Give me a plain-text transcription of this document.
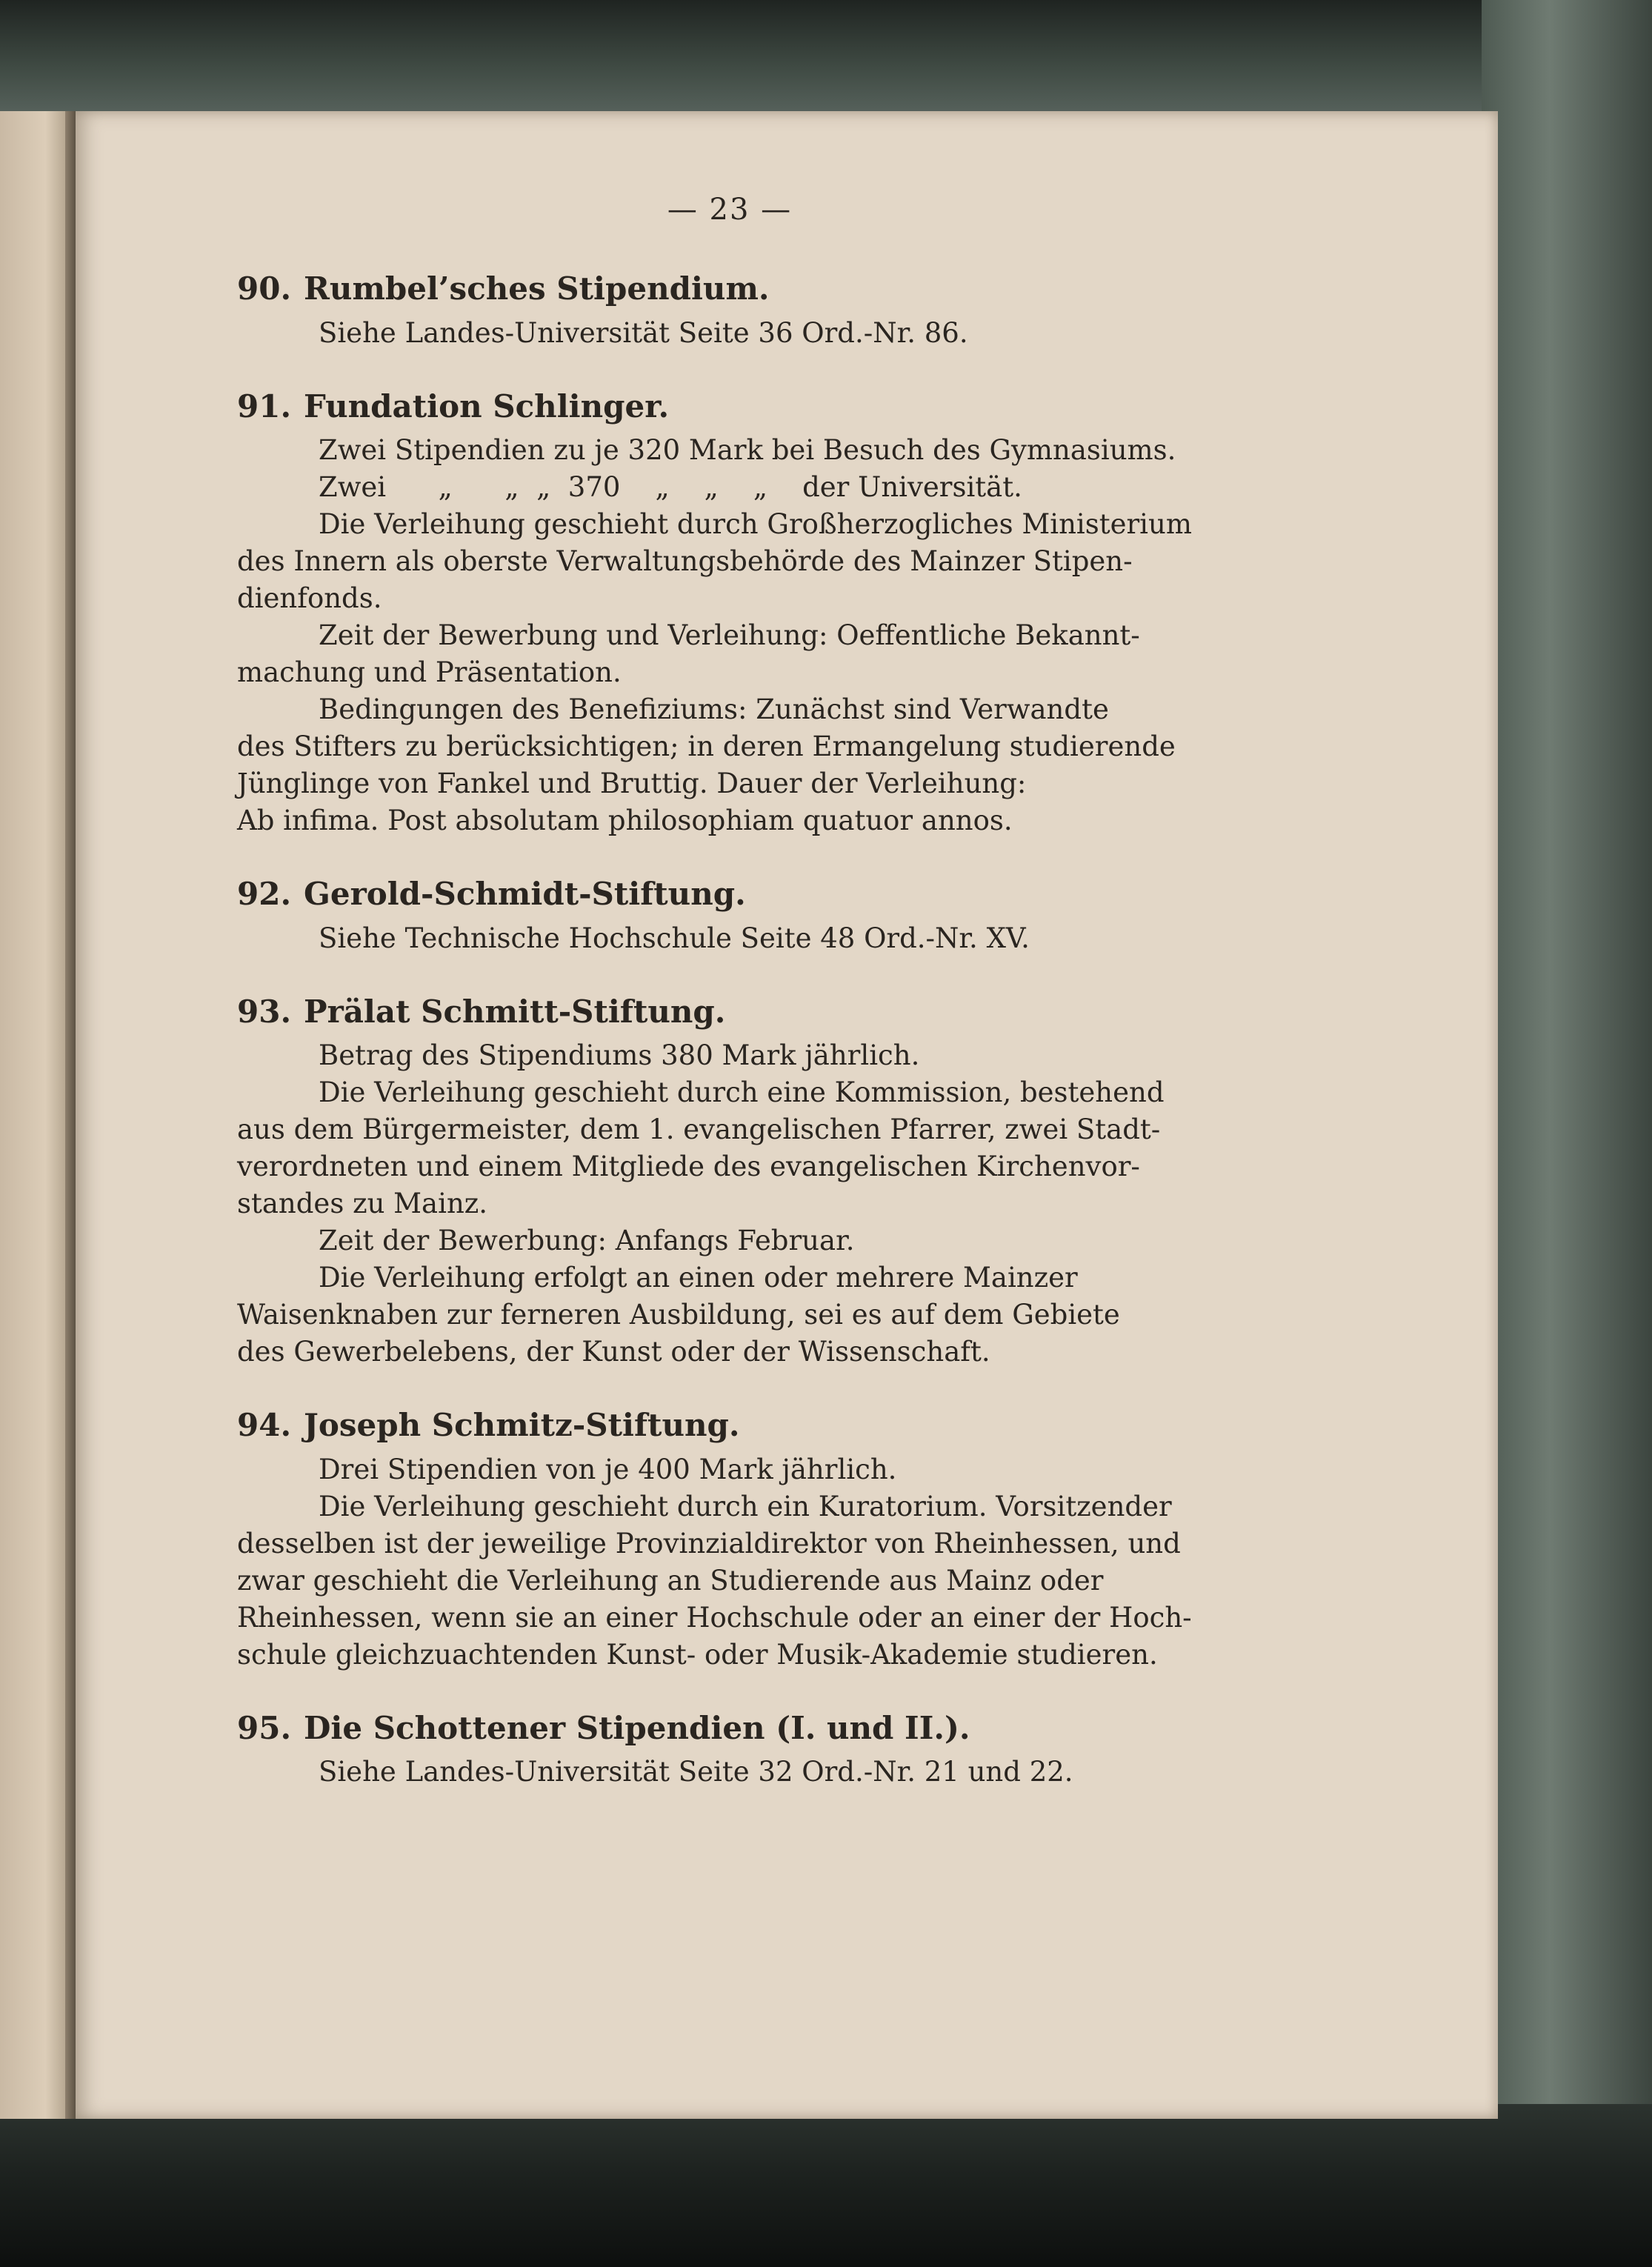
— 23 —

90. Rumbel’sches Stipendium.

Siehe Landes-Universität Seite 36 Ord.-Nr. 86.

91. Fundation Schlinger.

Zwei Stipendien zu je 320 Mark bei Besuch des Gymnasiums.

Zwei      „      „  „  370    „    „    „    der Universität.

Die Verleihung geschieht durch Großherzogliches Ministerium

des Innern als oberste Verwaltungsbehörde des Mainzer Stipen-

dienfonds.

Zeit der Bewerbung und Verleihung: Oeffentliche Bekannt-

machung und Präsentation.

Bedingungen des Benefiziums: Zunächst sind Verwandte

des Stifters zu berücksichtigen; in deren Ermangelung studierende

Jünglinge von Fankel und Bruttig. Dauer der Verleihung:

Ab infima. Post absolutam philosophiam quatuor annos.

92. Gerold-Schmidt-Stiftung.

Siehe Technische Hochschule Seite 48 Ord.-Nr. XV.

93. Prälat Schmitt-Stiftung.

Betrag des Stipendiums 380 Mark jährlich.

Die Verleihung geschieht durch eine Kommission, bestehend

aus dem Bürgermeister, dem 1. evangelischen Pfarrer, zwei Stadt-

verordneten und einem Mitgliede des evangelischen Kirchenvor-

standes zu Mainz.

Zeit der Bewerbung: Anfangs Februar.

Die Verleihung erfolgt an einen oder mehrere Mainzer

Waisenknaben zur ferneren Ausbildung, sei es auf dem Gebiete

des Gewerbelebens, der Kunst oder der Wissenschaft.

94. Joseph Schmitz-Stiftung.

Drei Stipendien von je 400 Mark jährlich.

Die Verleihung geschieht durch ein Kuratorium. Vorsitzender

desselben ist der jeweilige Provinzialdirektor von Rheinhessen, und

zwar geschieht die Verleihung an Studierende aus Mainz oder

Rheinhessen, wenn sie an einer Hochschule oder an einer der Hoch-

schule gleichzuachtenden Kunst- oder Musik-Akademie studieren.

95. Die Schottener Stipendien (I. und II.).

Siehe Landes-Universität Seite 32 Ord.-Nr. 21 und 22.
